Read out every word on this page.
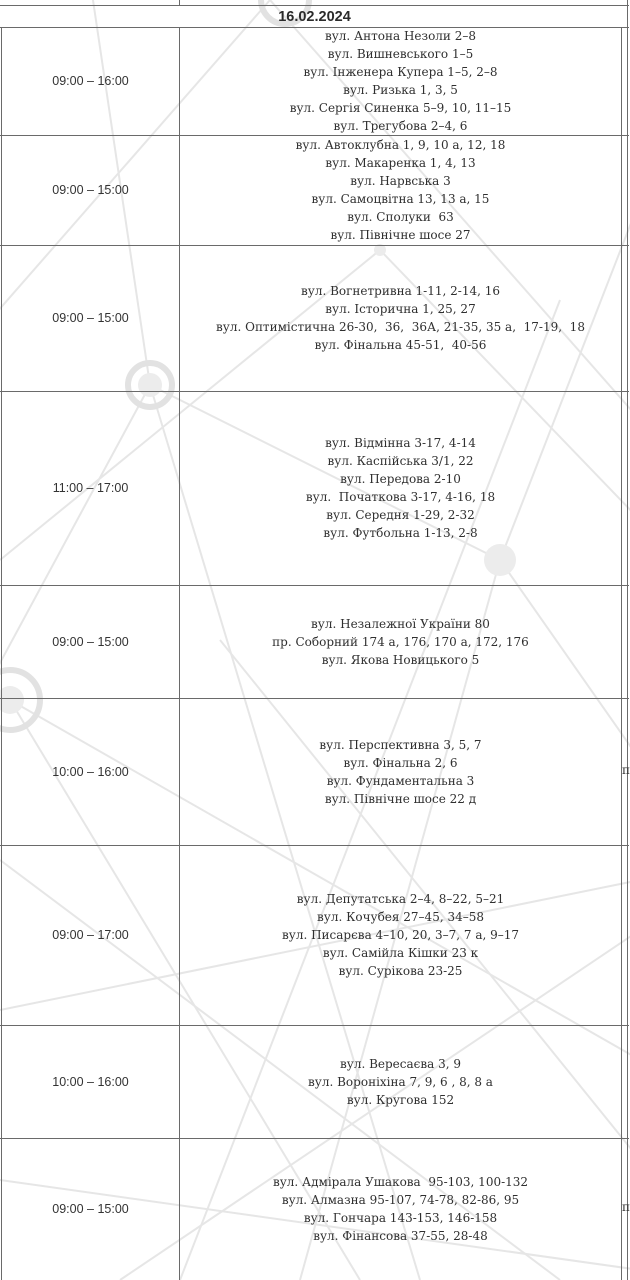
16.02.2024
09:00 – 16:00
вул. Антона Незоли 2–8
вул. Вишневського 1–5
вул. Інженера Купера 1–5, 2–8
вул. Ризька 1, 3, 5
вул. Сергія Синенка 5–9, 10, 11–15
вул. Трегубова 2–4, 6
09:00 – 15:00
вул. Автоклубна 1, 9, 10 а, 12, 18
вул. Макаренка 1, 4, 13
вул. Нарвська 3
вул. Самоцвітна 13, 13 а, 15
вул. Сполуки  63
вул. Північне шосе 27
09:00 – 15:00
вул. Вогнетривна 1-11, 2-14, 16
вул. Історична 1, 25, 27
вул. Оптимістична 26-30,  36,  36А, 21-35, 35 а,  17-19,  18
вул. Фінальна 45-51,  40-56
11:00 – 17:00
вул. Відмінна 3-17, 4-14
вул. Каспійська 3/1, 22
вул. Передова 2-10
вул.  Початкова 3-17, 4-16, 18
вул. Середня 1-29, 2-32
вул. Футбольна 1-13, 2-8
09:00 – 15:00
вул. Незалежної України 80
пр. Соборний 174 а, 176, 170 а, 172, 176
вул. Якова Новицького 5
10:00 – 16:00
вул. Перспективна 3, 5, 7
вул. Фінальна 2, 6
вул. Фундаментальна 3
вул. Північне шосе 22 д
п
09:00 – 17:00
вул. Депутатська 2–4, 8–22, 5–21
вул. Кочубея 27–45, 34–58
вул. Писарєва 4–10, 20, 3–7, 7 а, 9–17
вул. Самійла Кішки 23 к
вул. Сурікова 23-25
10:00 – 16:00
вул. Вересаєва 3, 9
вул. Вороніхіна 7, 9, 6 , 8, 8 а
вул. Кругова 152
09:00 – 15:00
вул. Адмірала Ушакова  95-103, 100-132
вул. Алмазна 95-107, 74-78, 82-86, 95
вул. Гончара 143-153, 146-158
вул. Фінансова 37-55, 28-48
п
